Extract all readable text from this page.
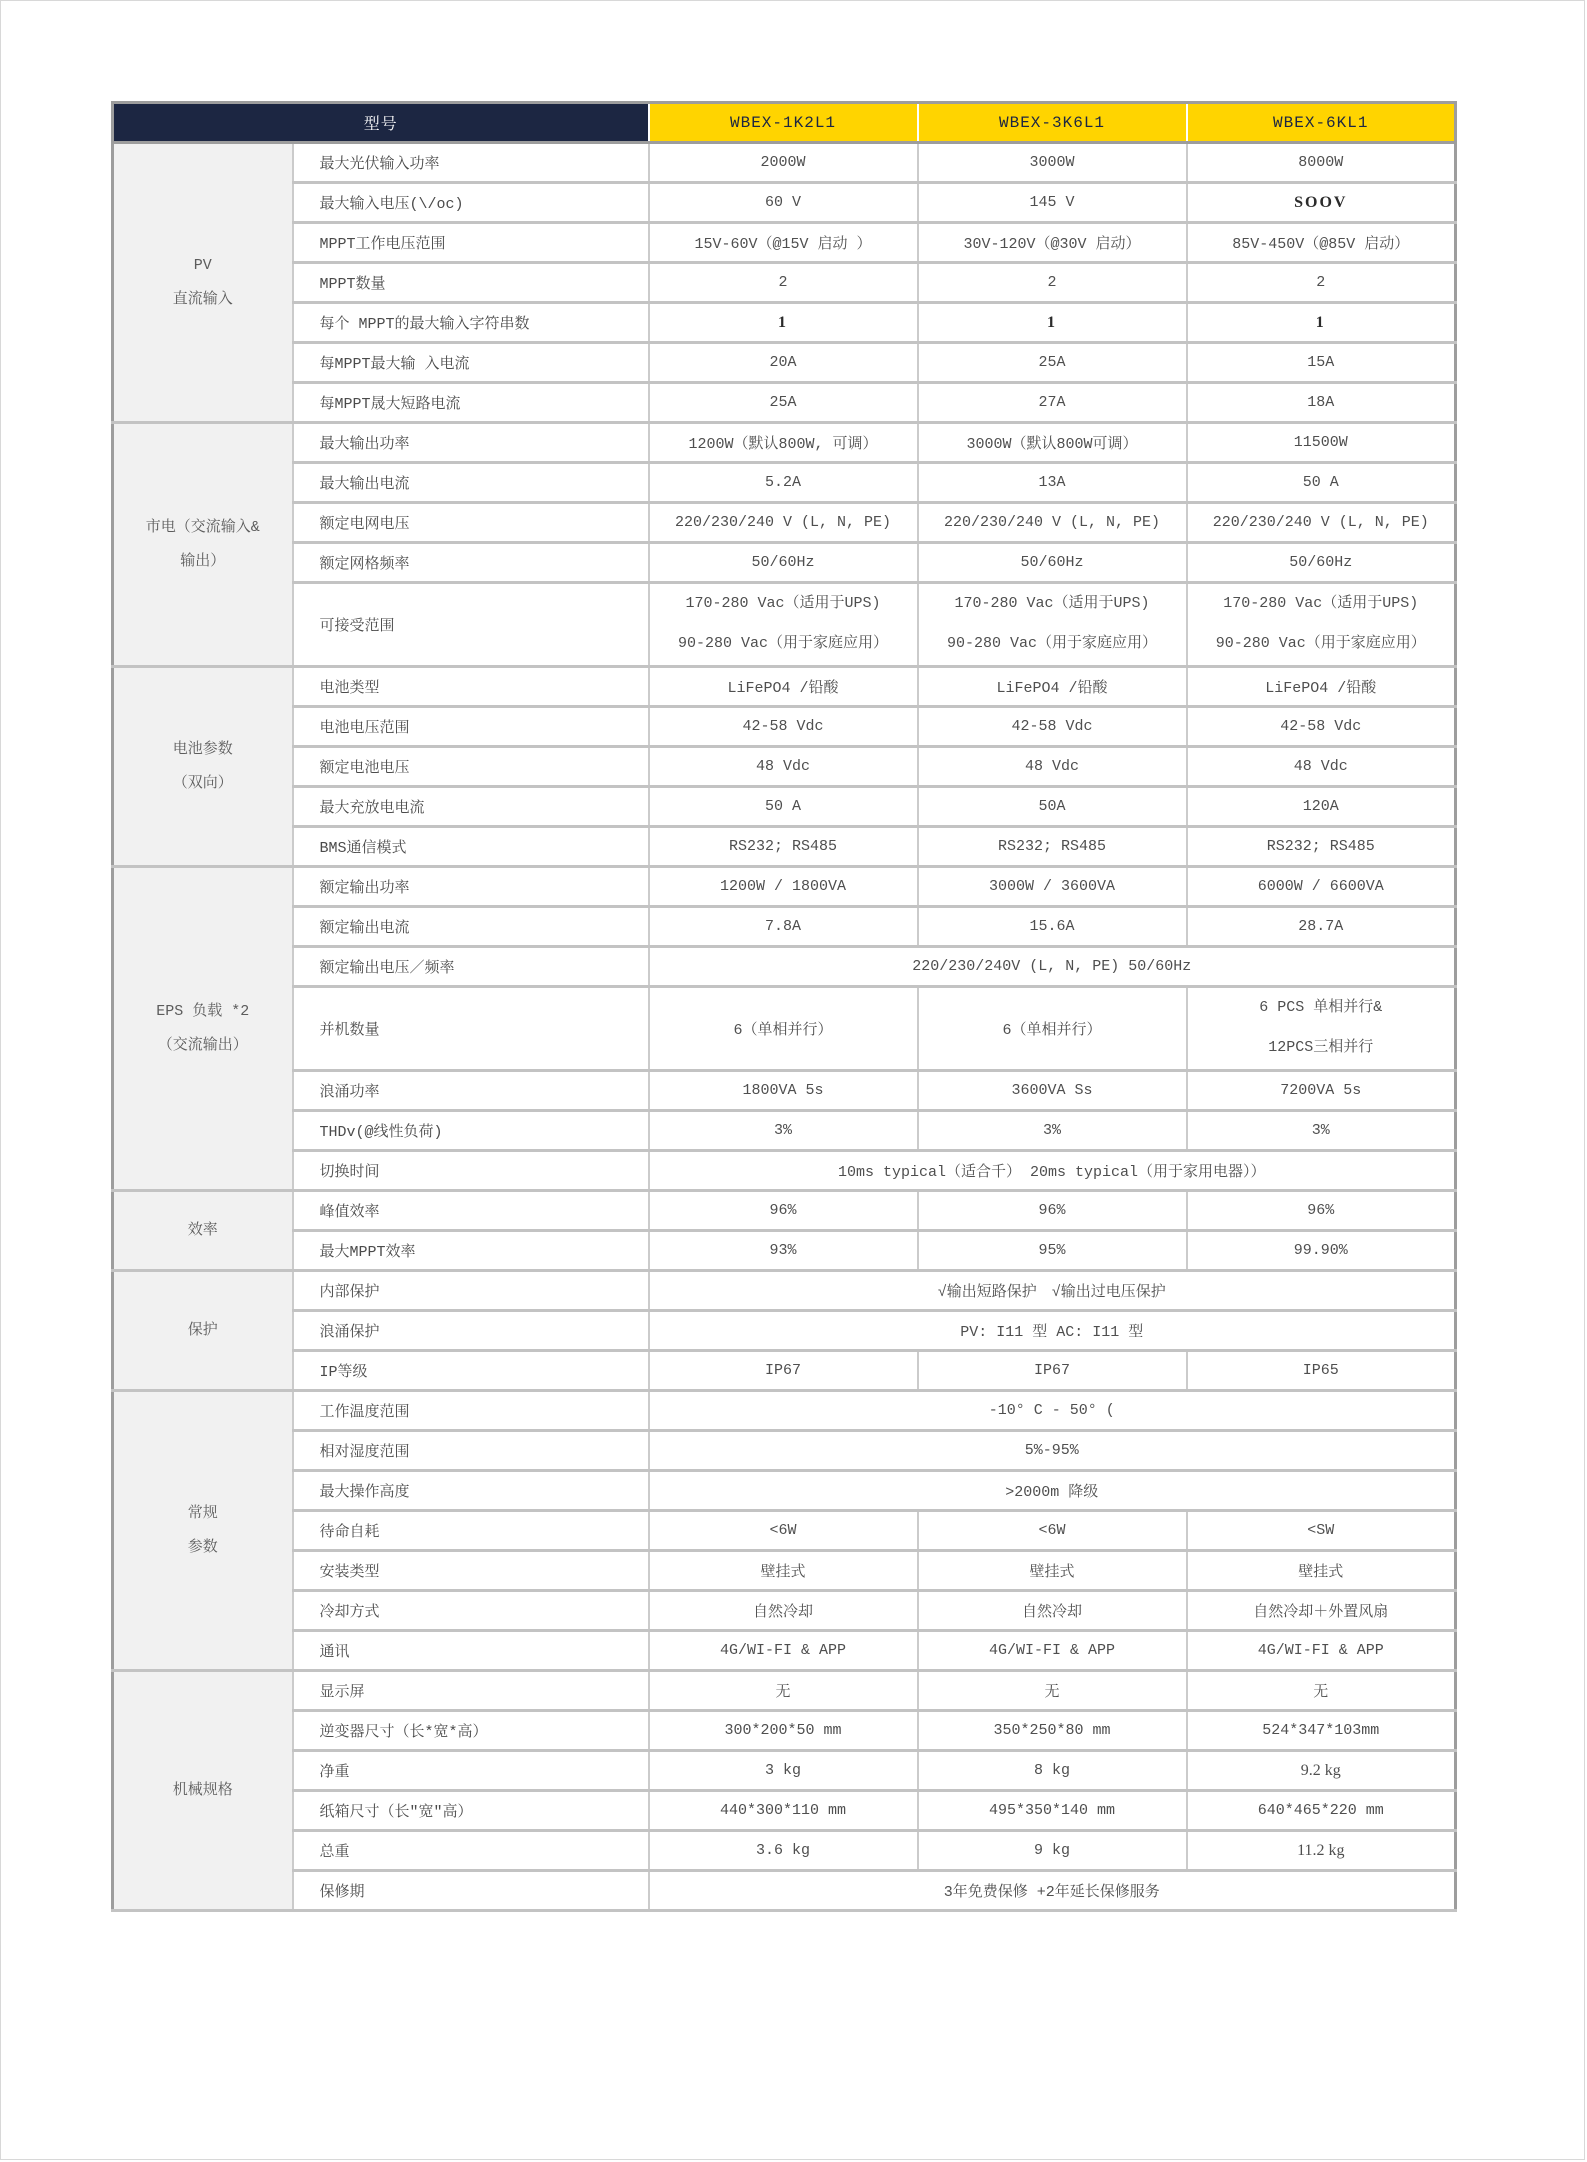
型号		WBEX-1K2L1	WBEX-3K6L1	WBEX-6KL1

PV
直流输入	最大光伏输入功率	2000W	3000W	8000W
	最大输入电压(\/oc)	60 V	145 V	SOOV
	MPPT工作电压范围	15V-60V（@15V 启动 ）	30V-120V（@30V 启动）	85V-450V（@85V 启动）
	MPPT数量	2	2	2
	每个 MPPT的最大输入字符串数	1	1	1
	每MPPT最大输 入电流	20A	25A	15A
	每MPPT晟大短路电流	25A	27A	18A

市电（交流输入&
输出）	最大输出功率	1200W（默认800W, 可调）	3000W（默认800W可调）	11500W
	最大输出电流	5.2A	13A	50 A
	额定电网电压	220/230/240 V (L, N, PE)	220/230/240 V (L, N, PE)	220/230/240 V (L, N, PE)
	额定网格频率	50/60Hz	50/60Hz	50/60Hz
	可接受范围	170-280 Vac（适用于UPS)
90-280 Vac（用于家庭应用）	170-280 Vac（适用于UPS)
90-280 Vac（用于家庭应用）	170-280 Vac（适用于UPS)
90-280 Vac（用于家庭应用）

电池参数
（双向）	电池类型	LiFePO4 /铅酸	LiFePO4 /铅酸	LiFePO4 /铅酸
	电池电压范围	42-58 Vdc	42-58 Vdc	42-58 Vdc
	额定电池电压	48 Vdc	48 Vdc	48 Vdc
	最大充放电电流	50 A	50A	120A
	BMS通信模式	RS232; RS485	RS232; RS485	RS232; RS485

EPS 负载 *2
（交流输出）	额定输出功率	1200W / 1800VA	3000W / 3600VA	6000W / 6600VA
	额定输出电流	7.8A	15.6A	28.7A
	额定输出电压／频率	220/230/240V (L, N, PE) 50/60Hz		
	并机数量	6（单相并行）	6（单相并行）	6 PCS 单相并行&
12PCS三相并行

	浪涌功率	1800VA 5s	3600VA Ss	7200VA 5s
	THDv(@线性负荷)	3%	3%	3%
	切换时间	10ms typical（适合千） 20ms typical（用于家用电器））		

效率	峰值效率	96%	96%	96%
	最大MPPT效率	93%	95%	99.90%

保护	内部保护	√输出短路保护　√输出过电压保护		
	浪涌保护	PV: I11 型 AC: I11 型		
	IP等级	IP67	IP67	IP65

常规
参数	工作温度范围	-10° C - 50° (		
	相对湿度范围	5%-95%		
	最大操作高度	>2000m 降级		
	待命自耗	<6W	<6W	<SW
	安装类型	壁挂式	壁挂式	壁挂式
	冷却方式	自然冷却	自然冷却	自然冷却＋外置风扇
	通讯	4G/WI-FI & APP	4G/WI-FI & APP	4G/WI-FI & APP

机械规格	显示屏	无	无	无
	逆变器尺寸（长*宽*高）	300*200*50 mm	350*250*80 mm	524*347*103mm
	净重	3 kg	8 kg	9.2 kg
	纸箱尺寸（长"宽"高）	440*300*110 mm	495*350*140 mm	640*465*220 mm
	总重	3.6 kg	9 kg	11.2 kg
	保修期	3年免费保修 +2年延长保修服务		
